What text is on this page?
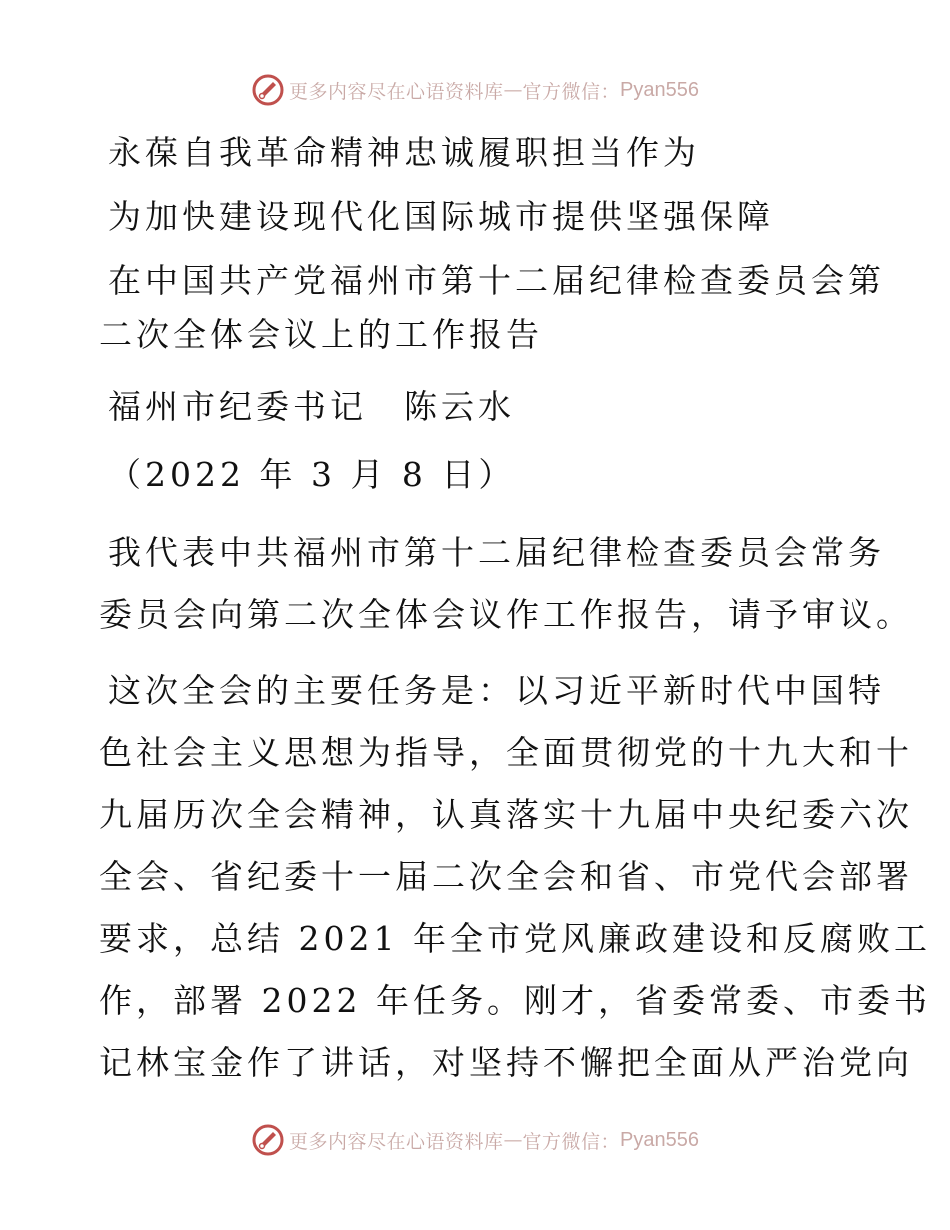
更多内容尽在心语资料库 — 官方微信： Pyan556

永葆自我革命精神忠诚履职担当作为

为加快建设现代化国际城市提供坚强保障

在中国共产党福州市第十二届纪律检查委员会第

二次全体会议上的工作报告

福州市纪委书记　陈云水

（2022 年 3 月 8 日）

我代表中共福州市第十二届纪律检查委员会常务
委员会向第二次全体会议作工作报告，请予审议。
这次全会的主要任务是：以习近平新时代中国特
色社会主义思想为指导，全面贯彻党的十九大和十
九届历次全会精神，认真落实十九届中央纪委六次
全会、省纪委十一届二次全会和省、市党代会部署
要求，总结 2021 年全市党风廉政建设和反腐败工
作，部署 2022 年任务。刚才，省委常委、市委书
记林宝金作了讲话，对坚持不懈把全面从严治党向
更多内容尽在心语资料库 — 官方微信： Pyan556
